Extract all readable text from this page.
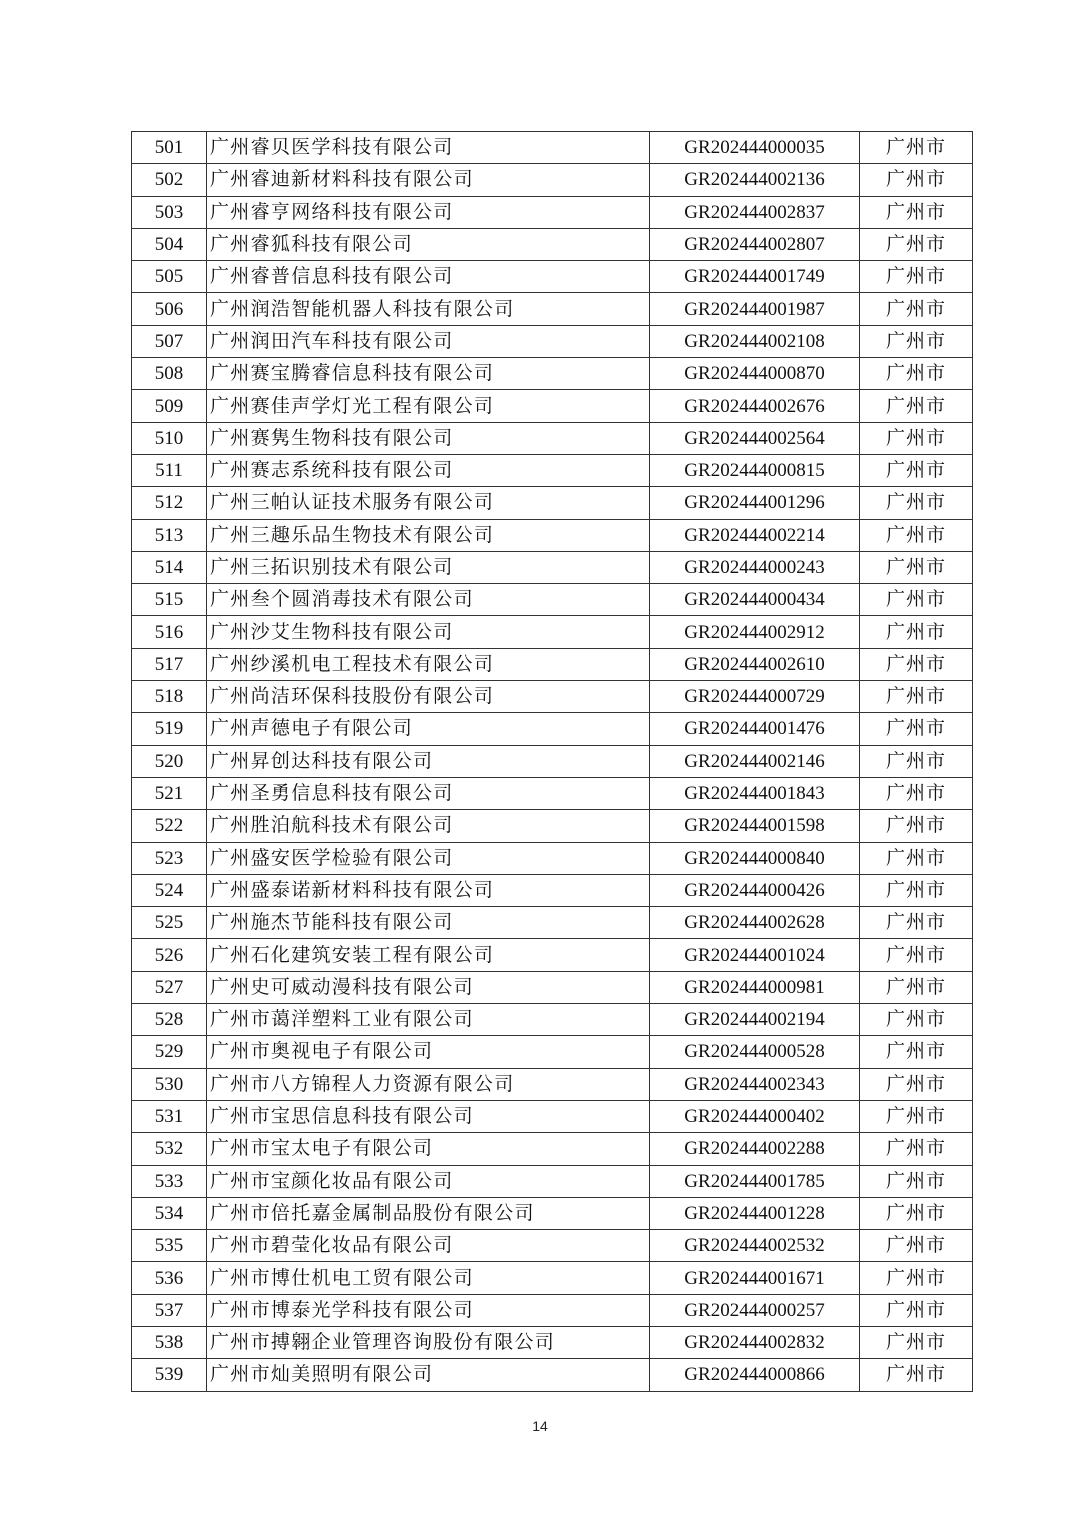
501	广州睿贝医学科技有限公司	GR202444000035	广州市
502	广州睿迪新材料科技有限公司	GR202444002136	广州市
503	广州睿亨网络科技有限公司	GR202444002837	广州市
504	广州睿狐科技有限公司	GR202444002807	广州市
505	广州睿普信息科技有限公司	GR202444001749	广州市
506	广州润浩智能机器人科技有限公司	GR202444001987	广州市
507	广州润田汽车科技有限公司	GR202444002108	广州市
508	广州赛宝腾睿信息科技有限公司	GR202444000870	广州市
509	广州赛佳声学灯光工程有限公司	GR202444002676	广州市
510	广州赛隽生物科技有限公司	GR202444002564	广州市
511	广州赛志系统科技有限公司	GR202444000815	广州市
512	广州三帕认证技术服务有限公司	GR202444001296	广州市
513	广州三趣乐品生物技术有限公司	GR202444002214	广州市
514	广州三拓识别技术有限公司	GR202444000243	广州市
515	广州叁个圆消毒技术有限公司	GR202444000434	广州市
516	广州沙艾生物科技有限公司	GR202444002912	广州市
517	广州纱溪机电工程技术有限公司	GR202444002610	广州市
518	广州尚洁环保科技股份有限公司	GR202444000729	广州市
519	广州声德电子有限公司	GR202444001476	广州市
520	广州昇创达科技有限公司	GR202444002146	广州市
521	广州圣勇信息科技有限公司	GR202444001843	广州市
522	广州胜泊航科技术有限公司	GR202444001598	广州市
523	广州盛安医学检验有限公司	GR202444000840	广州市
524	广州盛泰诺新材料科技有限公司	GR202444000426	广州市
525	广州施杰节能科技有限公司	GR202444002628	广州市
526	广州石化建筑安装工程有限公司	GR202444001024	广州市
527	广州史可威动漫科技有限公司	GR202444000981	广州市
528	广州市蔼洋塑料工业有限公司	GR202444002194	广州市
529	广州市奥视电子有限公司	GR202444000528	广州市
530	广州市八方锦程人力资源有限公司	GR202444002343	广州市
531	广州市宝思信息科技有限公司	GR202444000402	广州市
532	广州市宝太电子有限公司	GR202444002288	广州市
533	广州市宝颜化妆品有限公司	GR202444001785	广州市
534	广州市倍托嘉金属制品股份有限公司	GR202444001228	广州市
535	广州市碧莹化妆品有限公司	GR202444002532	广州市
536	广州市博仕机电工贸有限公司	GR202444001671	广州市
537	广州市博泰光学科技有限公司	GR202444000257	广州市
538	广州市搏翱企业管理咨询股份有限公司	GR202444002832	广州市
539	广州市灿美照明有限公司	GR202444000866	广州市
14
